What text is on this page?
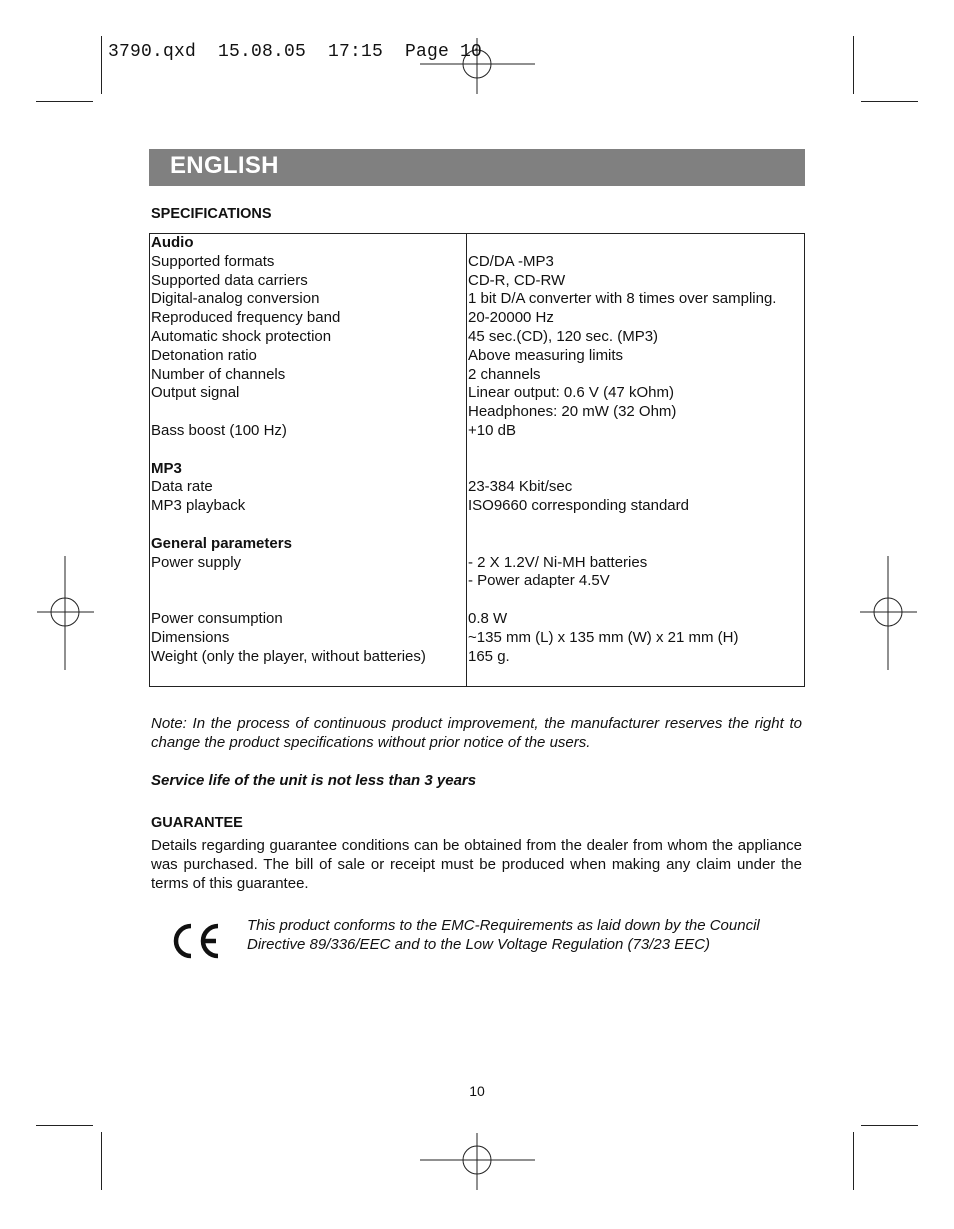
3790.qxd  15.08.05  17:15  Page 10
ENGLISH
SPECIFICATIONS
Audio
Supported formats
Supported data carriers
Digital-analog conversion
Reproduced frequency band
Automatic shock protection
Detonation ratio
Number of channels
Output signal
Bass boost (100 Hz)
MP3
Data rate
MP3 playback
General parameters
Power supply
Power consumption
Dimensions
Weight (only the player, without batteries)
CD/DA -MP3
CD-R, CD-RW
1 bit D/A converter with 8 times over sampling.
20-20000 Hz
45 sec.(CD), 120 sec. (MP3)
Above measuring limits
2 channels
Linear output: 0.6 V (47 kOhm)
Headphones: 20 mW (32 Ohm)
+10 dB
23-384 Kbit/sec
ISO9660 corresponding standard
- 2 X 1.2V/ Ni-MH batteries
- Power adapter 4.5V
0.8 W
~135 mm (L) x 135 mm (W) x 21 mm (H)
165 g.
Note: In the process of continuous product improvement, the manufacturer reserves the right to change the product specifications without prior notice of the users.
Service life of the unit is not less than 3 years
GUARANTEE
Details regarding guarantee conditions can be obtained from the dealer from whom the appliance was purchased. The bill of sale or receipt must be produced when making any claim under the terms of this guarantee.
This product conforms to the EMC-Requirements as laid down by the Council Directive 89/336/EEC and to the Low Voltage Regulation (73/23 EEC)
10
